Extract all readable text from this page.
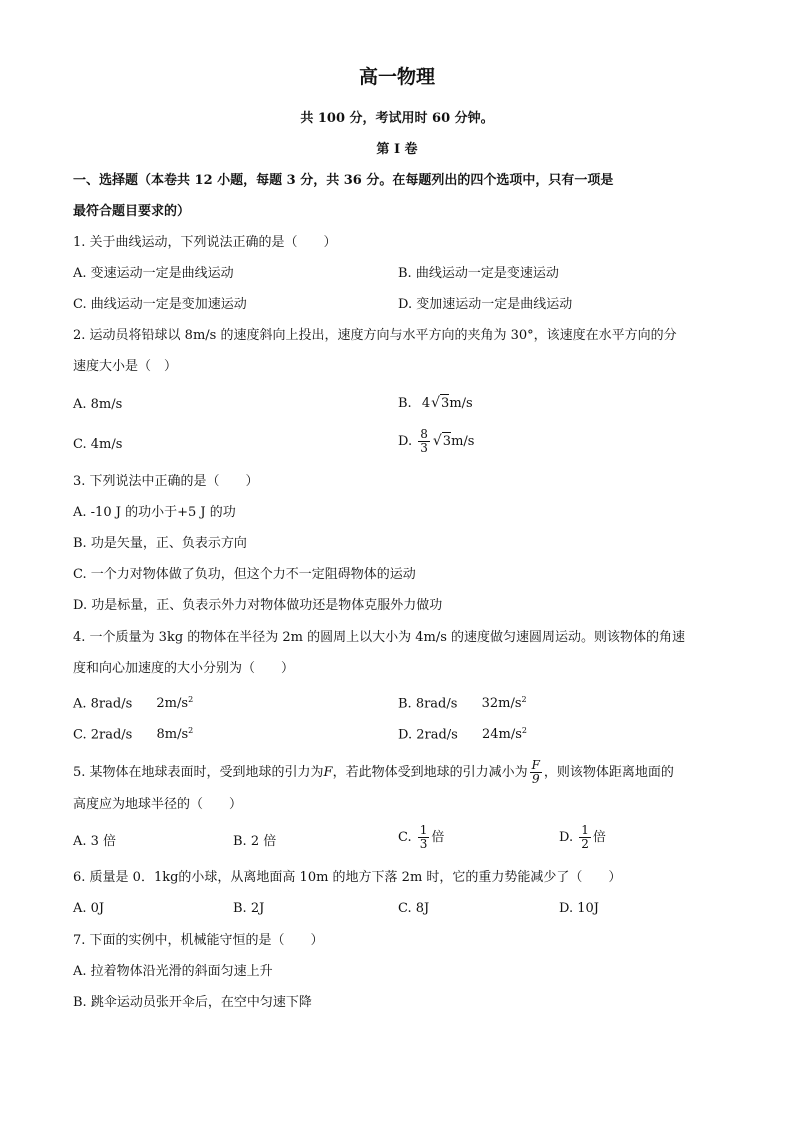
高一物理
共 100 分，考试用时 60 分钟。
第 I 卷
一、选择题（本卷共 12 小题，每题 3 分，共 36 分。在每题列出的四个选项中，只有一项是
最符合题目要求的）
1. 关于曲线运动，下列说法正确的是（　　）
A. 变速运动一定是曲线运动	B. 曲线运动一定是变速运动
C. 曲线运动一定是变加速运动	D. 变加速运动一定是曲线运动
2. 运动员将铅球以 8m/s 的速度斜向上投出，速度方向与水平方向的夹角为 30°，该速度在水平方向的分
速度大小是（　）
A. 8m/s	B. 4√3m/s
C. 4m/s	D. $\frac{8}{3} √3m/s$
3. 下列说法中正确的是（　　）
A. -10 J 的功小于+5 J 的功
B. 功是矢量，正、负表示方向
C. 一个力对物体做了负功，但这个力不一定阻碍物体的运动
D. 功是标量，正、负表示外力对物体做功还是物体克服外力做功
4. 一个质量为 3kg 的物体在半径为 2m 的圆周上以大小为 4m/s 的速度做匀速圆周运动。则该物体的角速
度和向心加速度的大小分别为（　　）
A. 8rad/s $2m/s^2$	B. 8rad/s $32m/s^2$
C. 2rad/s $8m/s^2$	D. 2rad/s $24m/s^2$
5. 某物体在地球表面时，受到地球的引力为F，若此物体受到地球的引力减小为 $\frac{F}{9}$ ，则该物体距离地面的
高度应为地球半径的（　　）
A. 3 倍	B. 2 倍	C. $\frac{1}{3}$ 倍	D. $\frac{1}{2}$ 倍
6. 质量是 0．1kg的小球，从离地面高 10m 的地方下落 2m 时，它的重力势能减少了（　　）
A. 0J	B. 2J	C. 8J	D. 10J
7. 下面的实例中，机械能守恒的是（　　）
A. 拉着物体沿光滑的斜面匀速上升
B. 跳伞运动员张开伞后，在空中匀速下降
